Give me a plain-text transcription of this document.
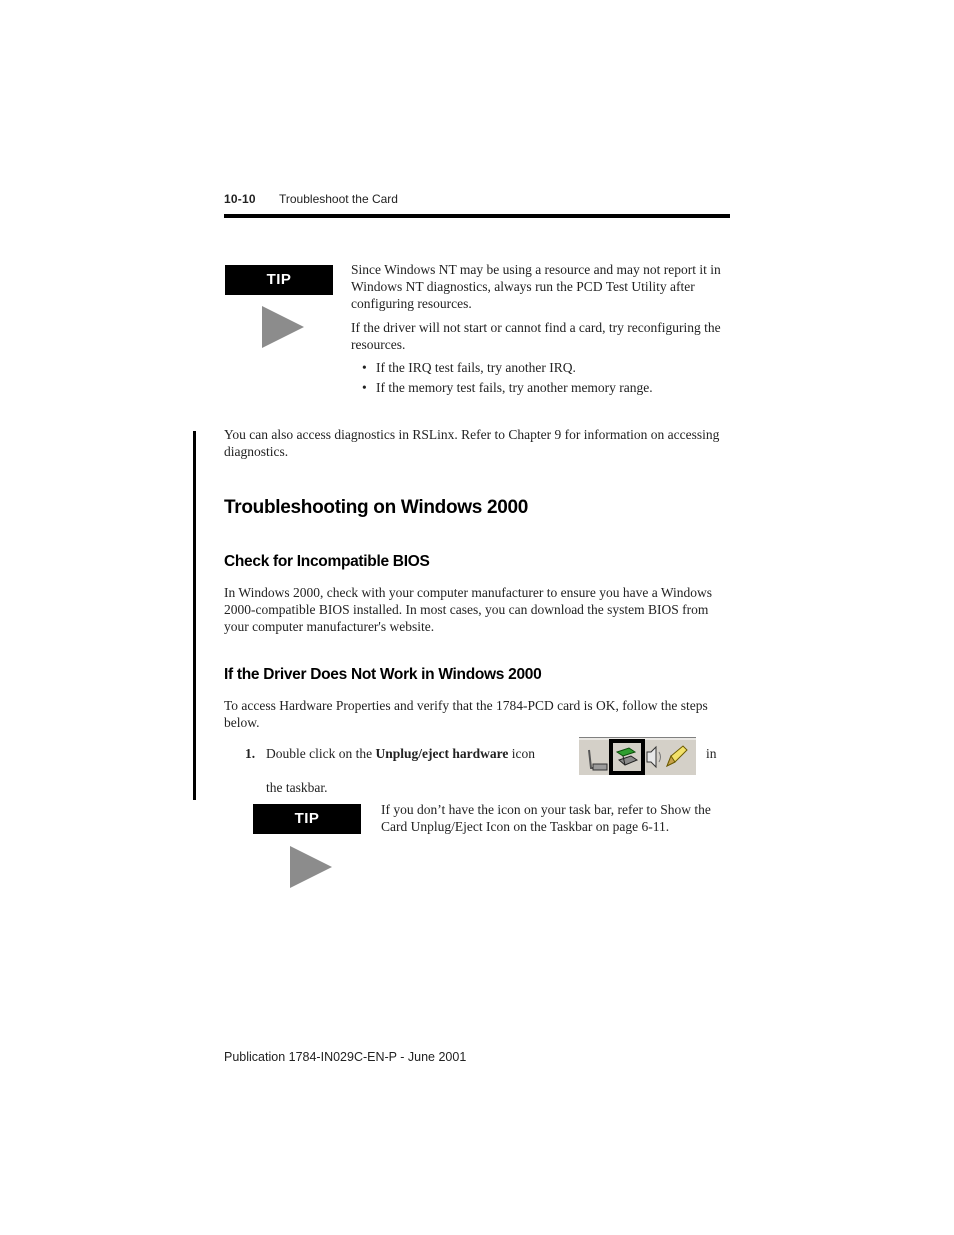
10-10 Troubleshoot the Card
TIP

Since Windows NT may be using a resource and may not report it in Windows NT diagnostics, always run the PCD Test Utility after configuring resources.

If the driver will not start or cannot find a card, try reconfiguring the resources.

• If the IRQ test fails, try another IRQ.
• If the memory test fails, try another memory range.
You can also access diagnostics in RSLinx. Refer to Chapter 9 for information on accessing diagnostics.
Troubleshooting on Windows 2000
Check for Incompatible BIOS
In Windows 2000, check with your computer manufacturer to ensure you have a Windows 2000-compatible BIOS installed. In most cases, you can download the system BIOS from your computer manufacturer's website.
If the Driver Does Not Work in Windows 2000
To access Hardware Properties and verify that the 1784-PCD card is OK, follow the steps below.
1. Double click on the Unplug/eject hardware icon	in
the taskbar.
TIP
If you don’t have the icon on your task bar, refer to Show the Card Unplug/Eject Icon on the Taskbar on page 6-11.
Publication 1784-IN029C-EN-P - June 2001
